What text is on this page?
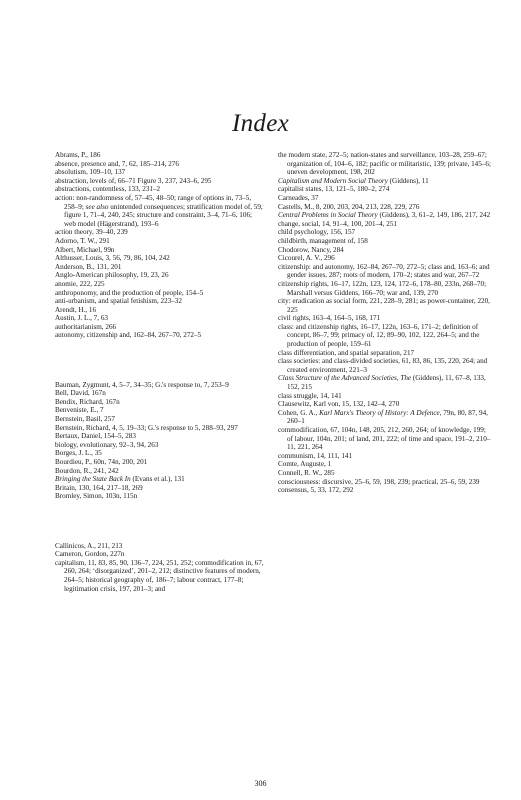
Index

Abrams, P., 186

absence, presence and, 7, 62, 185–214, 276

absolutism, 109–10, 137

abstraction, levels of, 66–71 Figure 3, 237, 243–6, 295

abstractions, contentless, 133, 231–2

action: non-randomness of, 57–45, 48–50; range of options in, 73–5, 258–9; see also unintended consequences; stratification model of, 59, figure 1, 71–4, 240, 245; structure and constraint, 3–4, 71–6, 106; web model (Hägerstrand), 193–6

action theory, 39–40, 239

Adorno, T. W., 291

Albert, Michael, 99n

Althusser, Louis, 3, 56, 79, 86, 104, 242

Anderson, B., 131, 201

Anglo-American philosophy, 19, 23, 26

anomie, 222, 225

anthroponomy, and the production of people, 154–5

anti-urbanism, and spatial fetishism, 223–32

Arendt, H., 16

Austin, J. L., 7, 63

authoritarianism, 266

autonomy, citizenship and, 162–84, 267–70, 272–5

Bauman, Zygmunt, 4, 5–7, 34–35; G.'s response to, 7, 253–9

Bell, David, 167n

Bendix, Richard, 167n

Benveniste, E., 7

Bernstein, Basil, 257

Bernstein, Richard, 4, 5, 19–33; G.'s response to 5, 288–93, 297

Bertaux, Daniel, 154–5, 283

biology, evolutionary, 92–3, 94, 263

Borges, J. L., 35

Bourdieu, P., 60n, 74n, 200, 201

Bourdon, R., 241, 242

Bringing the State Back In (Evans et al.), 131

Britain, 130, 164, 217–18, 269

Bromley, Simon, 103n, 115n

Callinicos, A., 211, 213

Cameron, Gordon, 227n

capitalism, 11, 83, 85, 90, 136–7, 224, 251, 252; commodification in, 67, 260, 264; ‘disorganized’, 201–2, 212; distinctive features of modern, 264–5; historical geography of, 186–7; labour contract, 177–8; legitimation crisis, 197, 201–3; and

the modern state, 272–5; nation-states and surveillance, 103–28, 259–67; organization of, 104–6, 182; pacific or militaristic, 139; private, 145–6; uneven development, 198, 202

Capitalism and Modern Social Theory (Giddens), 11

capitalist states, 13, 121–5, 180–2, 274

Carneades, 37

Castells, M., 8, 200, 203, 204, 213, 228, 229, 276

Central Problems in Social Theory (Giddens), 3, 61–2, 149, 186, 217, 242

change, social, 14, 91–4, 100, 201–4, 251

child psychology, 156, 157

childbirth, management of, 158

Chodorow, Nancy, 284

Cicourel, A. V., 296

citizenship: and autonomy, 162–84, 267–70, 272–5; class and, 163–6; and gender issues, 287; roots of modern, 170–2; states and war, 267–72

citizenship rights, 16–17, 122n, 123, 124, 172–6, 178–80, 233n, 268–70; Marshall versus Giddens, 166–70; war and, 139, 270

city: eradication as social form, 221, 228–9, 281; as power-container, 220, 225

civil rights, 163–4, 164–5, 168, 171

class: and citizenship rights, 16–17, 122n, 163–6, 171–2; definition of concept, 86–7, 99; primacy of, 12, 89–90, 102, 122, 264–5; and the production of people, 159–61

class differentiation, and spatial separation, 217

class societies: and class-divided societies, 61, 83, 86, 135, 220, 264; and created environment, 221–3

Class Structure of the Advanced Societies, The (Giddens), 11, 67–8, 133, 152, 215

class struggle, 14, 141

Clausewitz, Karl von, 15, 132, 142–4, 270

Cohen, G. A., Karl Marx's Theory of History: A Defence, 79n, 80, 87, 94, 260–1

commodification, 67, 104n, 148, 205, 212, 260, 264; of knowledge, 199; of labour, 104n, 201; of land, 201, 222; of time and space, 191–2, 210–11, 221, 264

communism, 14, 111, 141

Comte, Auguste, 1

Connell, R. W., 285

consciousness: discursive, 25–6, 59, 198, 239; practical, 25–6, 59, 239

consensus, 5, 33, 172, 292

306
